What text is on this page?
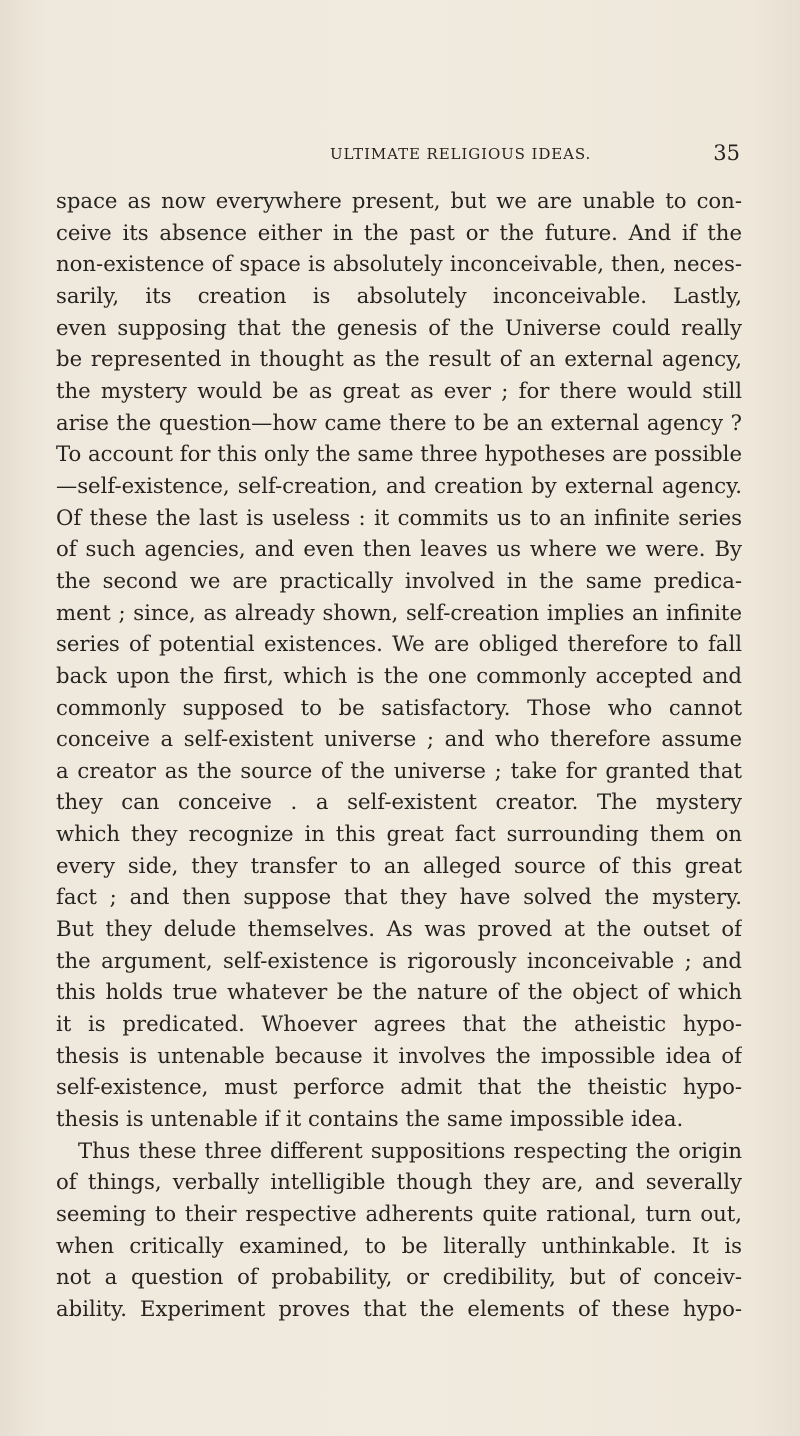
ULTIMATE RELIGIOUS IDEAS.	35
space as now everywhere present, but we are unable to con-
ceive its absence either in the past or the future. And if the
non-existence of space is absolutely inconceivable, then, neces-
sarily, its creation is absolutely inconceivable. Lastly,
even supposing that the genesis of the Universe could really
be represented in thought as the result of an external agency,
the mystery would be as great as ever ; for there would still
arise the question—how came there to be an external agency ?
To account for this only the same three hypotheses are possible
—self-existence, self-creation, and creation by external agency.
Of these the last is useless : it commits us to an infinite series
of such agencies, and even then leaves us where we were. By
the second we are practically involved in the same predica-
ment ; since, as already shown, self-creation implies an infinite
series of potential existences. We are obliged therefore to fall
back upon the first, which is the one commonly accepted and
commonly supposed to be satisfactory. Those who cannot
conceive a self-existent universe ; and who therefore assume
a creator as the source of the universe ; take for granted that
they can conceive . a self-existent creator. The mystery
which they recognize in this great fact surrounding them on
every side, they transfer to an alleged source of this great
fact ; and then suppose that they have solved the mystery.
But they delude themselves. As was proved at the outset of
the argument, self-existence is rigorously inconceivable ; and
this holds true whatever be the nature of the object of which
it is predicated. Whoever agrees that the atheistic hypo-
thesis is untenable because it involves the impossible idea of
self-existence, must perforce admit that the theistic hypo-
thesis is untenable if it contains the same impossible idea.
Thus these three different suppositions respecting the origin
of things, verbally intelligible though they are, and severally
seeming to their respective adherents quite rational, turn out,
when critically examined, to be literally unthinkable. It is
not a question of probability, or credibility, but of conceiv-
ability. Experiment proves that the elements of these hypo-
